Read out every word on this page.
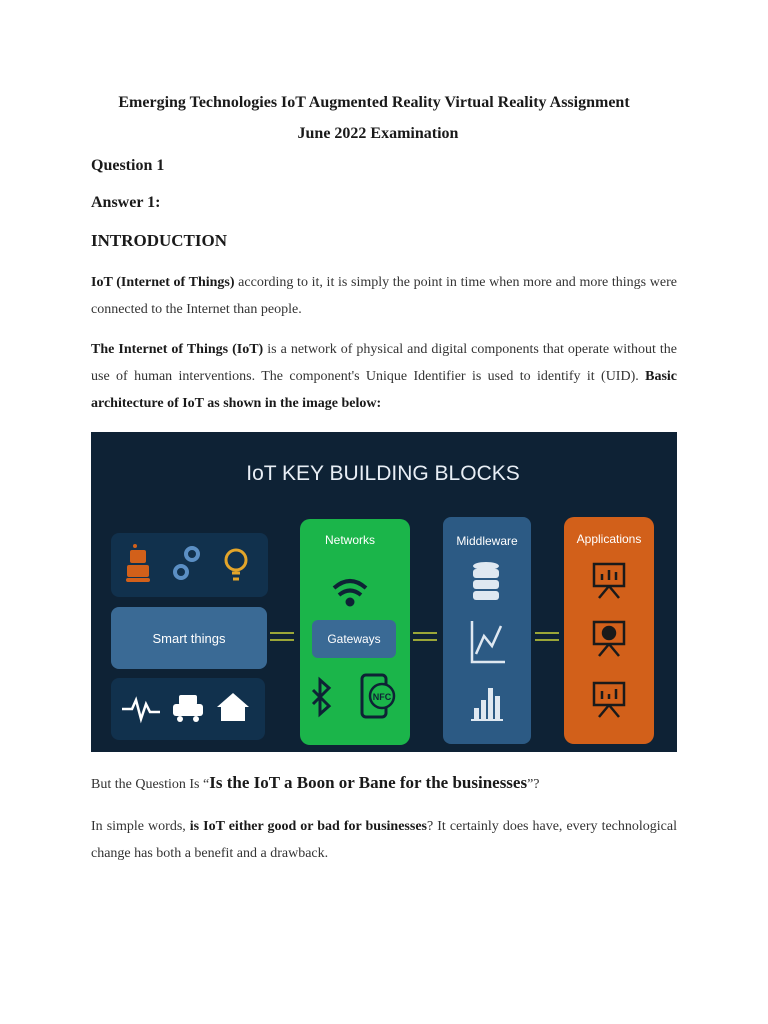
Emerging Technologies IoT Augmented Reality Virtual Reality Assignment
June 2022 Examination
Question 1
Answer 1:
INTRODUCTION
IoT (Internet of Things) according to it, it is simply the point in time when more and more things were connected to the Internet than people.
The Internet of Things (IoT) is a network of physical and digital components that operate without the use of human interventions. The component's Unique Identifier is used to identify it (UID). Basic architecture of IoT as shown in the image below:
IoT KEY BUILDING BLOCKS
Smart things
Networks
Gateways
NFC
Middleware	Applications
But the Question Is “Is the IoT a Boon or Bane for the businesses”?
In simple words, is IoT either good or bad for businesses? It certainly does have, every technological change has both a benefit and a drawback.
